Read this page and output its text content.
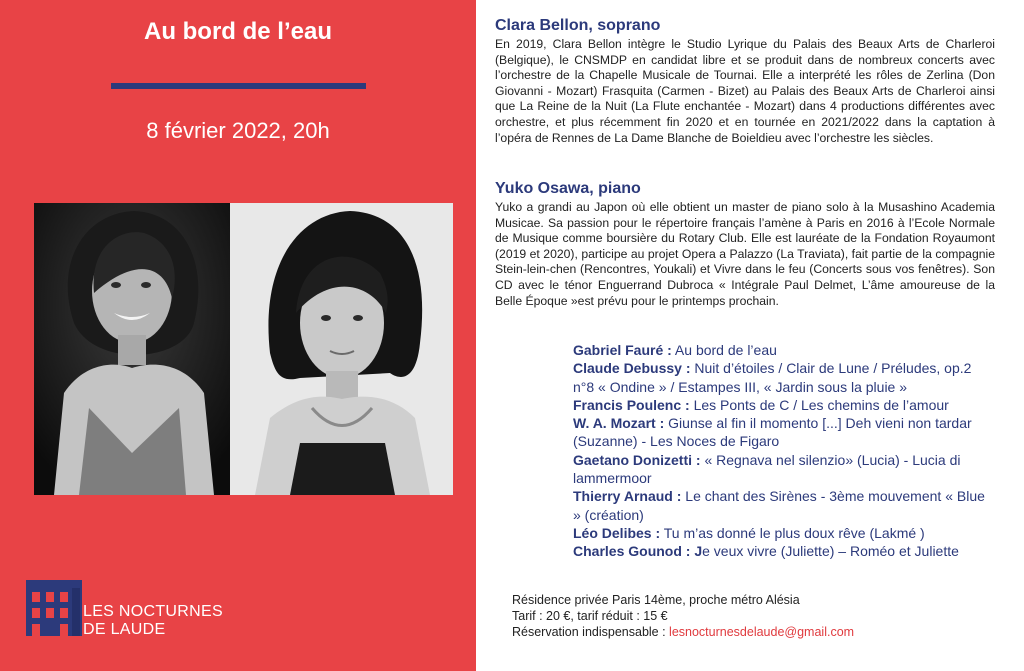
Au bord de l’eau
8 février 2022, 20h
LES NOCTURNES
DE LAUDE
Clara Bellon, soprano

En 2019, Clara Bellon intègre le Studio Lyrique du Palais des Beaux Arts de Charleroi (Belgique), le CNSMDP en candidat libre et se produit dans de nombreux concerts avec l’orchestre de la Chapelle Musicale de Tournai. Elle a interprété les rôles de Zerlina (Don Giovanni - Mozart) Frasquita (Carmen - Bizet) au Palais des Beaux Arts de Charleroi ainsi que La Reine de la Nuit (La Flute enchantée - Mozart) dans 4 productions différentes avec orchestre, et plus récemment fin 2020 et en tournée en 2021/2022 dans la captation à l’opéra de Rennes de La Dame Blanche de Boieldieu avec l’orchestre les siècles.

Yuko Osawa, piano

Yuko a grandi au Japon où elle obtient un master de piano solo à la Musashino Academia Musicae. Sa passion pour le répertoire français l’amène à Paris en 2016 à l’Ecole Normale de Musique comme boursière du Rotary Club. Elle est lauréate de la Fondation Royaumont (2019 et 2020), participe au projet Opera a Palazzo (La Traviata), fait partie de la compagnie Stein-lein-chen (Rencontres, Youkali) et Vivre dans le feu (Concerts sous vos fenêtres). Son CD avec le ténor Enguerrand Dubroca « Intégrale Paul Delmet, L’âme amoureuse de la Belle Époque »est prévu pour le printemps prochain.

Gabriel Fauré : Au bord de l’eau
Claude Debussy : Nuit d’étoiles / Clair de Lune / Préludes, op.2 n°8 « Ondine » / Estampes III, « Jardin sous la pluie »
Francis Poulenc : Les Ponts de C / Les chemins de l’amour
W. A. Mozart : Giunse al fin il momento [...] Deh vieni non tardar (Suzanne) - Les Noces de Figaro
Gaetano Donizetti : « Regnava nel silenzio» (Lucia) - Lucia di lammermoor
Thierry Arnaud : Le chant des Sirènes - 3ème mouvement « Blue » (création)
Léo Delibes : Tu m’as donné le plus doux rêve (Lakmé )
Charles Gounod : Je veux vivre (Juliette) – Roméo et Juliette
Résidence privée Paris 14ème, proche métro Alésia
Tarif : 20 €, tarif réduit : 15 €
Réservation indispensable : lesnocturnesdelaude@gmail.com
